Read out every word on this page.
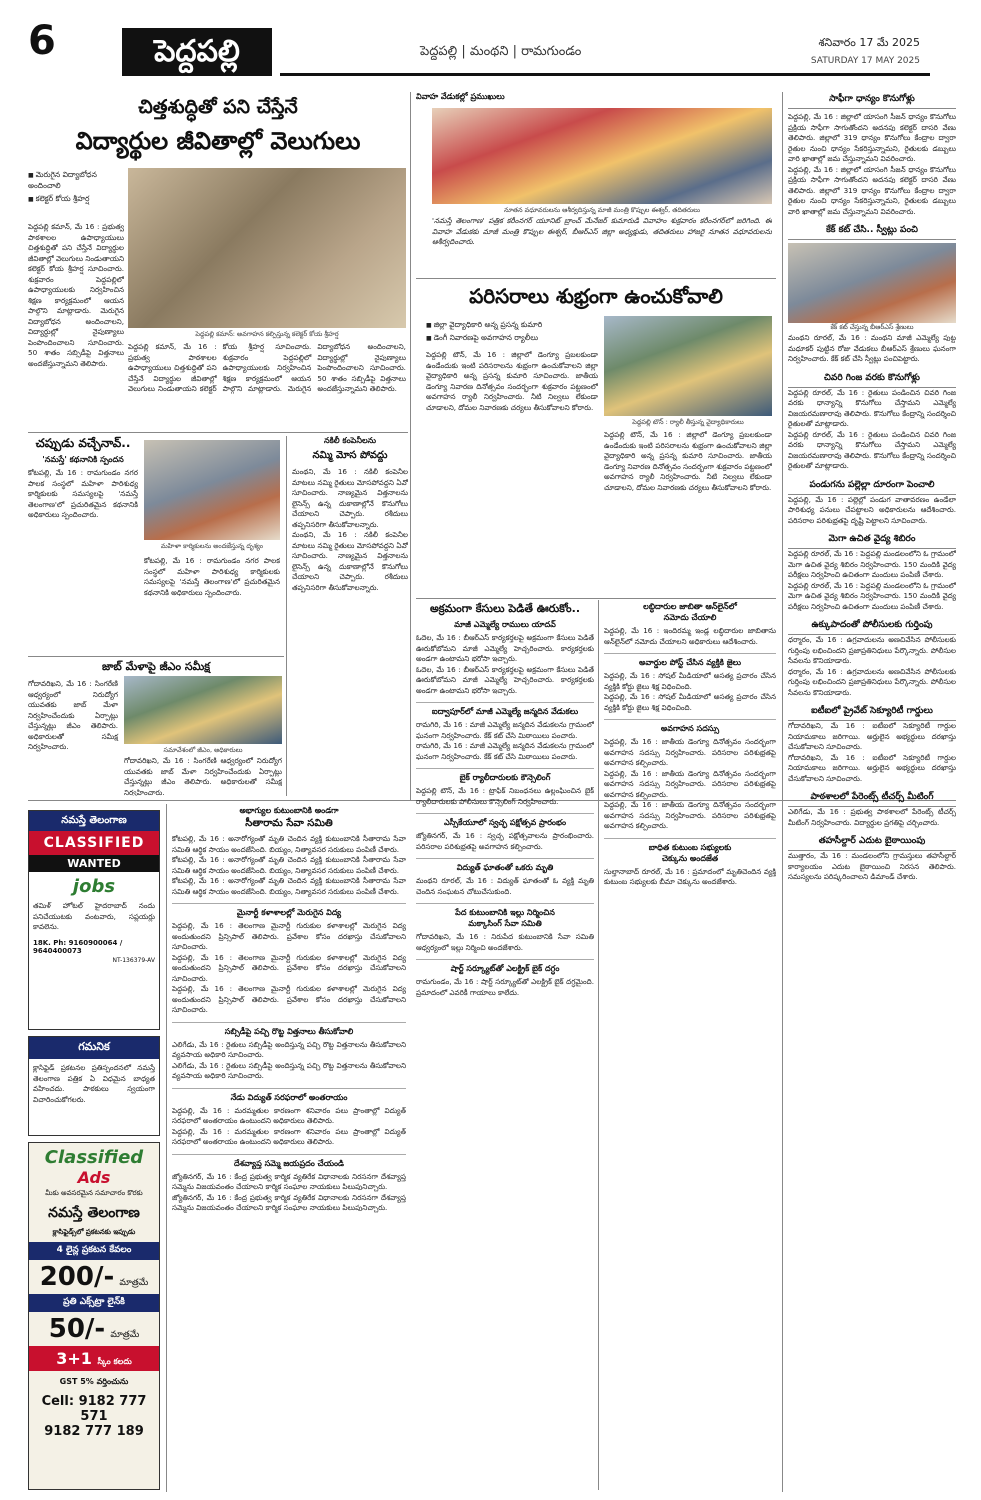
6	పెద్దపల్లి	పెద్దపల్లి | మంథని | రామగుండం
శనివారం 17 మే 2025
SATURDAY 17 MAY 2025
చిత్తశుద్ధితో పని చేస్తేనే
విద్యార్థుల జీవితాల్లో వెలుగులు
■ మెరుగైన విద్యాబోధన అందించాలి
■ కలెక్టర్ కోయ శ్రీహర్ష
పెద్దపల్లి కమాన్‌: అవగాహన కల్పిస్తున్న కలెక్టర్ కోయ శ్రీహర్ష
పెద్దపల్లి కమాన్‌, మే 16 : ప్రభుత్వ పాఠశాలల ఉపాధ్యాయులు చిత్తశుద్ధితో పని చేస్తేనే విద్యార్థుల జీవితాల్లో వెలుగులు నిండుతాయని కలెక్టర్ కోయ శ్రీహర్ష సూచించారు. శుక్రవారం పెద్దపల్లిలో ఉపాధ్యాయులకు నిర్వహించిన శిక్షణ కార్యక్రమంలో ఆయన పాల్గొని మాట్లాడారు. మెరుగైన విద్యాబోధన అందించాలని, విద్యార్థుల్లో నైపుణ్యాలు పెంపొందించాలని సూచించారు. 50 శాతం సబ్సిడీపై విత్తనాలు అందజేస్తున్నామని తెలిపారు.
పెద్దపల్లి కమాన్‌, మే 16 : ప్రభుత్వ పాఠశాలల ఉపాధ్యాయులు చిత్తశుద్ధితో పని చేస్తేనే విద్యార్థుల జీవితాల్లో వెలుగులు నిండుతాయని కలెక్టర్ కోయ శ్రీహర్ష సూచించారు. శుక్రవారం పెద్దపల్లిలో ఉపాధ్యాయులకు నిర్వహించిన శిక్షణ కార్యక్రమంలో ఆయన పాల్గొని మాట్లాడారు. మెరుగైన విద్యాబోధన అందించాలని, విద్యార్థుల్లో నైపుణ్యాలు పెంపొందించాలని సూచించారు. 50 శాతం సబ్సిడీపై విత్తనాలు అందజేస్తున్నామని తెలిపారు.
చప్పుడు వచ్చేనావ్‌..
'నమస్తే' కథనానికి స్పందన
కోటపల్లి, మే 16 : రామగుండం నగర పాలక సంస్థలో మహిళా పారిశుధ్య కార్మికులకు సమస్యలపై 'నమస్తే తెలంగాణ'లో ప్రచురితమైన కథనానికి అధికారులు స్పందించారు.
మహిళా కార్మికులను అందజేస్తున్న దృశ్యం
కోటపల్లి, మే 16 : రామగుండం నగర పాలక సంస్థలో మహిళా పారిశుధ్య కార్మికులకు సమస్యలపై 'నమస్తే తెలంగాణ'లో ప్రచురితమైన కథనానికి అధికారులు స్పందించారు.
నకిలీ కంపెనీలను
నమ్మి మోస పోవద్దు
మంథని, మే 16 : నకిలీ కంపెనీల మాటలు నమ్మి రైతులు మోసపోవద్దని ఏవో సూచించారు. నాణ్యమైన విత్తనాలను లైసెన్స్ ఉన్న దుకాణాల్లోనే కొనుగోలు చేయాలని చెప్పారు. రశీదులు తప్పనిసరిగా తీసుకోవాలన్నారు.
మంథని, మే 16 : నకిలీ కంపెనీల మాటలు నమ్మి రైతులు మోసపోవద్దని ఏవో సూచించారు. నాణ్యమైన విత్తనాలను లైసెన్స్ ఉన్న దుకాణాల్లోనే కొనుగోలు చేయాలని చెప్పారు. రశీదులు తప్పనిసరిగా తీసుకోవాలన్నారు.
జాబ్ మేళాపై జీఎం సమీక్ష
గోదావరిఖని, మే 16 : సింగరేణి ఆధ్వర్యంలో నిరుద్యోగ యువతకు జాబ్ మేళా నిర్వహించేందుకు ఏర్పాట్లు చేస్తున్నట్లు జీఎం తెలిపారు. అధికారులతో సమీక్ష నిర్వహించారు.	సమావేశంలో జీఎం, అధికారులు
గోదావరిఖని, మే 16 : సింగరేణి ఆధ్వర్యంలో నిరుద్యోగ యువతకు జాబ్ మేళా నిర్వహించేందుకు ఏర్పాట్లు చేస్తున్నట్లు జీఎం తెలిపారు. అధికారులతో సమీక్ష నిర్వహించారు.
వివాహ వేడుకల్లో ప్రముఖులు
నూతన వధూవరులను ఆశీర్వదిస్తున్న మాజీ మంత్రి కొప్పుల ఈశ్వర్, తదితరులు
'నమస్తే తెలంగాణ' పత్రిక కరీంనగర్ యూనిట్ బ్రాంచ్ మేనేజర్ కుమారుడి వివాహం శుక్రవారం కరీంనగర్‌లో జరిగింది. ఈ వివాహ వేడుకకు మాజీ మంత్రి కొప్పుల ఈశ్వర్, బీఆర్ఎస్ జిల్లా అధ్యక్షుడు, తదితరులు హాజరై నూతన వధూవరులను ఆశీర్వదించారు.
పరిసరాలు శుభ్రంగా ఉంచుకోవాలి
■ జిల్లా వైద్యాధికారి అన్న ప్రసన్న కుమారి
■ డెంగీ నివారణపై అవగాహన ర్యాలీలు
పెద్దపల్లి టౌన్‌ : ర్యాలీ తీస్తున్న వైద్యాధికారులు
పెద్దపల్లి టౌన్‌, మే 16 : జిల్లాలో డెంగ్యూ ప్రబలకుండా ఉండేందుకు ఇంటి పరిసరాలను శుభ్రంగా ఉంచుకోవాలని జిల్లా వైద్యాధికారి అన్న ప్రసన్న కుమారి సూచించారు. జాతీయ డెంగ్యూ నివారణ దినోత్సవం సందర్భంగా శుక్రవారం పట్టణంలో అవగాహన ర్యాలీ నిర్వహించారు. నీటి నిల్వలు లేకుండా చూడాలని, దోమల నివారణకు చర్యలు తీసుకోవాలని కోరారు.
పెద్దపల్లి టౌన్‌, మే 16 : జిల్లాలో డెంగ్యూ ప్రబలకుండా ఉండేందుకు ఇంటి పరిసరాలను శుభ్రంగా ఉంచుకోవాలని జిల్లా వైద్యాధికారి అన్న ప్రసన్న కుమారి సూచించారు. జాతీయ డెంగ్యూ నివారణ దినోత్సవం సందర్భంగా శుక్రవారం పట్టణంలో అవగాహన ర్యాలీ నిర్వహించారు. నీటి నిల్వలు లేకుండా చూడాలని, దోమల నివారణకు చర్యలు తీసుకోవాలని కోరారు.
అక్రమంగా కేసులు పెడితే ఊరుకోం..
మాజీ ఎమ్మెల్యే రాములు యాదవ్
ఓదెల, మే 16 : బీఆర్ఎస్ కార్యకర్తలపై అక్రమంగా కేసులు పెడితే ఊరుకోబోమని మాజీ ఎమ్మెల్యే హెచ్చరించారు. కార్యకర్తలకు అండగా ఉంటామని భరోసా ఇచ్చారు.
ఓదెల, మే 16 : బీఆర్ఎస్ కార్యకర్తలపై అక్రమంగా కేసులు పెడితే ఊరుకోబోమని మాజీ ఎమ్మెల్యే హెచ్చరించారు. కార్యకర్తలకు అండగా ఉంటామని భరోసా ఇచ్చారు.
ఐద్వాపూర్‌లో మాజీ ఎమ్మెల్యే జన్మదిన వేడుకలు
రామగిరి, మే 16 : మాజీ ఎమ్మెల్యే జన్మదిన వేడుకలను గ్రామంలో ఘనంగా నిర్వహించారు. కేక్ కట్ చేసి మిఠాయిలు పంచారు.
రామగిరి, మే 16 : మాజీ ఎమ్మెల్యే జన్మదిన వేడుకలను గ్రామంలో ఘనంగా నిర్వహించారు. కేక్ కట్ చేసి మిఠాయిలు పంచారు.
బైక్ ర్యాలీదారులకు కౌన్సెలింగ్
పెద్దపల్లి టౌన్, మే 16 : ట్రాఫిక్ నిబంధనలు ఉల్లంఘించిన బైక్ ర్యాలీదారులకు పోలీసులు కౌన్సెలింగ్ నిర్వహించారు.
ఎస్సీకేయూలో స్వచ్ఛ పక్షోత్సవ ప్రారంభం
జ్యోతినగర్, మే 16 : స్వచ్ఛ పక్షోత్సవాలను ప్రారంభించారు. పరిసరాల పరిశుభ్రతపై అవగాహన కల్పించారు.
విద్యుత్ ఘాతంతో ఒకరు మృతి
మంథని రూరల్, మే 16 : విద్యుత్ ఘాతంతో ఓ వ్యక్తి మృతి చెందిన సంఘటన చోటుచేసుకుంది.
పేద కుటుంబానికి ఇల్లు నిర్మించిన
మక్కాసింగ్ సేవా సమితి
గోదావరిఖని, మే 16 : నిరుపేద కుటుంబానికి సేవా సమితి ఆధ్వర్యంలో ఇల్లు నిర్మించి అందజేశారు.
షార్ట్ సర్క్యూట్‌తో ఎలక్ట్రిక్ బైక్ దగ్ధం
రామగుండం, మే 16 : షార్ట్ సర్క్యూట్‌తో ఎలక్ట్రిక్ బైక్ దగ్ధమైంది. ప్రమాదంలో ఎవరికీ గాయాలు కాలేదు.
లబ్ధిదారుల జాబితా ఆన్‌లైన్‌లో
నమోదు చేయాలి
పెద్దపల్లి, మే 16 : ఇందిరమ్మ ఇండ్ల లబ్ధిదారుల జాబితాను ఆన్‌లైన్‌లో నమోదు చేయాలని అధికారులు ఆదేశించారు.
అవార్డుల పోస్ట్ చేసిన వ్యక్తికి జైలు
పెద్దపల్లి, మే 16 : సోషల్ మీడియాలో అసత్య ప్రచారం చేసిన వ్యక్తికి కోర్టు జైలు శిక్ష విధించింది.
పెద్దపల్లి, మే 16 : సోషల్ మీడియాలో అసత్య ప్రచారం చేసిన వ్యక్తికి కోర్టు జైలు శిక్ష విధించింది.
అవగాహన సదస్సు
పెద్దపల్లి, మే 16 : జాతీయ డెంగ్యూ దినోత్సవం సందర్భంగా అవగాహన సదస్సు నిర్వహించారు. పరిసరాల పరిశుభ్రతపై అవగాహన కల్పించారు.
పెద్దపల్లి, మే 16 : జాతీయ డెంగ్యూ దినోత్సవం సందర్భంగా అవగాహన సదస్సు నిర్వహించారు. పరిసరాల పరిశుభ్రతపై అవగాహన కల్పించారు.
పెద్దపల్లి, మే 16 : జాతీయ డెంగ్యూ దినోత్సవం సందర్భంగా అవగాహన సదస్సు నిర్వహించారు. పరిసరాల పరిశుభ్రతపై అవగాహన కల్పించారు.
బాధిత కుటుంబ సభ్యులకు
చెక్కును అందజేత
సుల్తానాబాద్ రూరల్, మే 16 : ప్రమాదంలో మృతిచెందిన వ్యక్తి కుటుంబ సభ్యులకు బీమా చెక్కును అందజేశారు.
సాఫీగా ధాన్యం కొనుగోళ్లు
పెద్దపల్లి, మే 16 : జిల్లాలో యాసంగి సీజన్ ధాన్యం కొనుగోలు ప్రక్రియ సాఫీగా సాగుతోందని అదనపు కలెక్టర్ దాసరి వేణు తెలిపారు. జిల్లాలో 319 ధాన్యం కొనుగోలు కేంద్రాల ద్వారా రైతుల నుంచి ధాన్యం సేకరిస్తున్నామని, రైతులకు డబ్బులు వారి ఖాతాల్లో జమ చేస్తున్నామని వివరించారు.
పెద్దపల్లి, మే 16 : జిల్లాలో యాసంగి సీజన్ ధాన్యం కొనుగోలు ప్రక్రియ సాఫీగా సాగుతోందని అదనపు కలెక్టర్ దాసరి వేణు తెలిపారు. జిల్లాలో 319 ధాన్యం కొనుగోలు కేంద్రాల ద్వారా రైతుల నుంచి ధాన్యం సేకరిస్తున్నామని, రైతులకు డబ్బులు వారి ఖాతాల్లో జమ చేస్తున్నామని వివరించారు.
కేక్ కట్ చేసి.. స్వీట్లు పంచి
కేక్ కట్ చేస్తున్న బీఆర్ఎస్ శ్రేణులు
మంథని రూరల్‌, మే 16 : మంథని మాజీ ఎమ్మెల్యే పుట్ట మధూకర్ పుట్టిన రోజు వేడుకలు బీఆర్ఎస్ శ్రేణులు ఘనంగా నిర్వహించారు. కేక్ కట్ చేసి స్వీట్లు పంచిపెట్టారు.
చివరి గింజ వరకు కొనుగోళ్లు
పెద్దపల్లి రూరల్, మే 16 : రైతులు పండించిన చివరి గింజ వరకు ధాన్యాన్ని కొనుగోలు చేస్తామని ఎమ్మెల్యే విజయరమణారావు తెలిపారు. కొనుగోలు కేంద్రాన్ని సందర్శించి రైతులతో మాట్లాడారు.
పెద్దపల్లి రూరల్, మే 16 : రైతులు పండించిన చివరి గింజ వరకు ధాన్యాన్ని కొనుగోలు చేస్తామని ఎమ్మెల్యే విజయరమణారావు తెలిపారు. కొనుగోలు కేంద్రాన్ని సందర్శించి రైతులతో మాట్లాడారు.
పండుగను పల్లెల్లా దూరంగా పెంచాలి
పెద్దపల్లి, మే 16 : పల్లెల్లో పండుగ వాతావరణం ఉండేలా పారిశుధ్య పనులు చేపట్టాలని అధికారులను ఆదేశించారు. పరిసరాల పరిశుభ్రతపై దృష్టి పెట్టాలని సూచించారు.
మెగా ఉచిత వైద్య శిబిరం
పెద్దపల్లి రూరల్‌, మే 16 : పెద్దపల్లి మండలంలోని ఓ గ్రామంలో మెగా ఉచిత వైద్య శిబిరం నిర్వహించారు. 150 మందికి వైద్య పరీక్షలు నిర్వహించి ఉచితంగా మందులు పంపిణీ చేశారు.
పెద్దపల్లి రూరల్‌, మే 16 : పెద్దపల్లి మండలంలోని ఓ గ్రామంలో మెగా ఉచిత వైద్య శిబిరం నిర్వహించారు. 150 మందికి వైద్య పరీక్షలు నిర్వహించి ఉచితంగా మందులు పంపిణీ చేశారు.
ఉక్కుపాదంతో పోలీసులకు గుర్తింపు
ధర్మారం, మే 16 : ఉగ్రవాదులను అణచివేసిన పోలీసులకు గుర్తింపు లభించిందని ప్రజాప్రతినిధులు పేర్కొన్నారు. పోలీసుల సేవలను కొనియాడారు.
ధర్మారం, మే 16 : ఉగ్రవాదులను అణచివేసిన పోలీసులకు గుర్తింపు లభించిందని ప్రజాప్రతినిధులు పేర్కొన్నారు. పోలీసుల సేవలను కొనియాడారు.
ఐటీఐలో ప్రైవేట్ సెక్యూరిటీ గార్డులు
గోదావరిఖని, మే 16 : ఐటీఐలో సెక్యూరిటీ గార్డుల నియామకాలు జరిగాయి. అర్హులైన అభ్యర్థులు దరఖాస్తు చేసుకోవాలని సూచించారు.
గోదావరిఖని, మే 16 : ఐటీఐలో సెక్యూరిటీ గార్డుల నియామకాలు జరిగాయి. అర్హులైన అభ్యర్థులు దరఖాస్తు చేసుకోవాలని సూచించారు.
పాఠశాలలో పేరెంట్స్ టీచర్స్ మీటింగ్
ఎలిగేడు, మే 16 : ప్రభుత్వ పాఠశాలలో పేరెంట్స్ టీచర్స్ మీటింగ్ నిర్వహించారు. విద్యార్థుల ప్రగతిపై చర్చించారు.
తహసీల్దార్ ఎదుట బైఠాయింపు
ముత్తారం, మే 16 : మండలంలోని గ్రామస్తులు తహసీల్దార్ కార్యాలయం ఎదుట బైఠాయించి నిరసన తెలిపారు. సమస్యలను పరిష్కరించాలని డిమాండ్ చేశారు.
నమస్తే తెలంగాణ
CLASSIFIED
WANTED
jobs
తమిళ్ హోటల్‌ హైదరాబాద్ నందు పనిచేయుటకు వంటవారు, సప్లయర్లు కావలెను.
18K. Ph: 9160900064 / 9640400073
NT-136379-AV
గమనిక
క్లాసిఫైడ్ ప్రకటనల ప్రతిస్పందనలో నమస్తే తెలంగాణ పత్రిక ఏ విధమైన బాధ్యత వహించదు. పాఠకులు స్వయంగా విచారించుకోగలరు.
Classified
Ads
మీకు అవసరమైన సమాచారం కొరకు
నమస్తే తెలంగాణ
క్లాసిఫైడ్స్‌లో ప్రకటనకు ఇప్పుడు
4 లైన్ల ప్రకటన కేవలం
200/- మాత్రమే
ప్రతి ఎక్స్‌ట్రా లైన్‌కి
50/- మాత్రమే
3+1 స్కీం కలదు
GST 5% వర్తించును
Cell: 9182 777 571
9182 777 189
అభాగ్యుల కుటుంబానికి అండగా
సీతారామ సేవా సమితి
కోటపల్లి, మే 16 : అనారోగ్యంతో మృతి చెందిన వ్యక్తి కుటుంబానికి సీతారామ సేవా సమితి ఆర్థిక సాయం అందజేసింది. బియ్యం, నిత్యావసర సరుకులు పంపిణీ చేశారు.
కోటపల్లి, మే 16 : అనారోగ్యంతో మృతి చెందిన వ్యక్తి కుటుంబానికి సీతారామ సేవా సమితి ఆర్థిక సాయం అందజేసింది. బియ్యం, నిత్యావసర సరుకులు పంపిణీ చేశారు.
కోటపల్లి, మే 16 : అనారోగ్యంతో మృతి చెందిన వ్యక్తి కుటుంబానికి సీతారామ సేవా సమితి ఆర్థిక సాయం అందజేసింది. బియ్యం, నిత్యావసర సరుకులు పంపిణీ చేశారు.
మైనార్టీ కళాశాలల్లో మెరుగైన విద్య
పెద్దపల్లి, మే 16 : తెలంగాణ మైనార్టీ గురుకుల కళాశాలల్లో మెరుగైన విద్య అందుతుందని ప్రిన్సిపాల్ తెలిపారు. ప్రవేశాల కోసం దరఖాస్తు చేసుకోవాలని సూచించారు.
పెద్దపల్లి, మే 16 : తెలంగాణ మైనార్టీ గురుకుల కళాశాలల్లో మెరుగైన విద్య అందుతుందని ప్రిన్సిపాల్ తెలిపారు. ప్రవేశాల కోసం దరఖాస్తు చేసుకోవాలని సూచించారు.
పెద్దపల్లి, మే 16 : తెలంగాణ మైనార్టీ గురుకుల కళాశాలల్లో మెరుగైన విద్య అందుతుందని ప్రిన్సిపాల్ తెలిపారు. ప్రవేశాల కోసం దరఖాస్తు చేసుకోవాలని సూచించారు.
సబ్సిడీపై పచ్చి రొట్ట విత్తనాలు తీసుకోవాలి
ఎలిగేడు, మే 16 : రైతులు సబ్సిడీపై అందిస్తున్న పచ్చి రొట్ట విత్తనాలను తీసుకోవాలని వ్యవసాయ అధికారి సూచించారు.
ఎలిగేడు, మే 16 : రైతులు సబ్సిడీపై అందిస్తున్న పచ్చి రొట్ట విత్తనాలను తీసుకోవాలని వ్యవసాయ అధికారి సూచించారు.
నేడు విద్యుత్ సరఫరాలో అంతరాయం
పెద్దపల్లి, మే 16 : మరమ్మతుల కారణంగా శనివారం పలు ప్రాంతాల్లో విద్యుత్ సరఫరాలో అంతరాయం ఉంటుందని అధికారులు తెలిపారు.
పెద్దపల్లి, మే 16 : మరమ్మతుల కారణంగా శనివారం పలు ప్రాంతాల్లో విద్యుత్ సరఫరాలో అంతరాయం ఉంటుందని అధికారులు తెలిపారు.
దేశవ్యాప్త సమ్మె జయప్రదం చేయండి
జ్యోతినగర్, మే 16 : కేంద్ర ప్రభుత్వ కార్మిక వ్యతిరేక విధానాలకు నిరసనగా దేశవ్యాప్త సమ్మెను విజయవంతం చేయాలని కార్మిక సంఘాల నాయకులు పిలుపునిచ్చారు.
జ్యోతినగర్, మే 16 : కేంద్ర ప్రభుత్వ కార్మిక వ్యతిరేక విధానాలకు నిరసనగా దేశవ్యాప్త సమ్మెను విజయవంతం చేయాలని కార్మిక సంఘాల నాయకులు పిలుపునిచ్చారు.
